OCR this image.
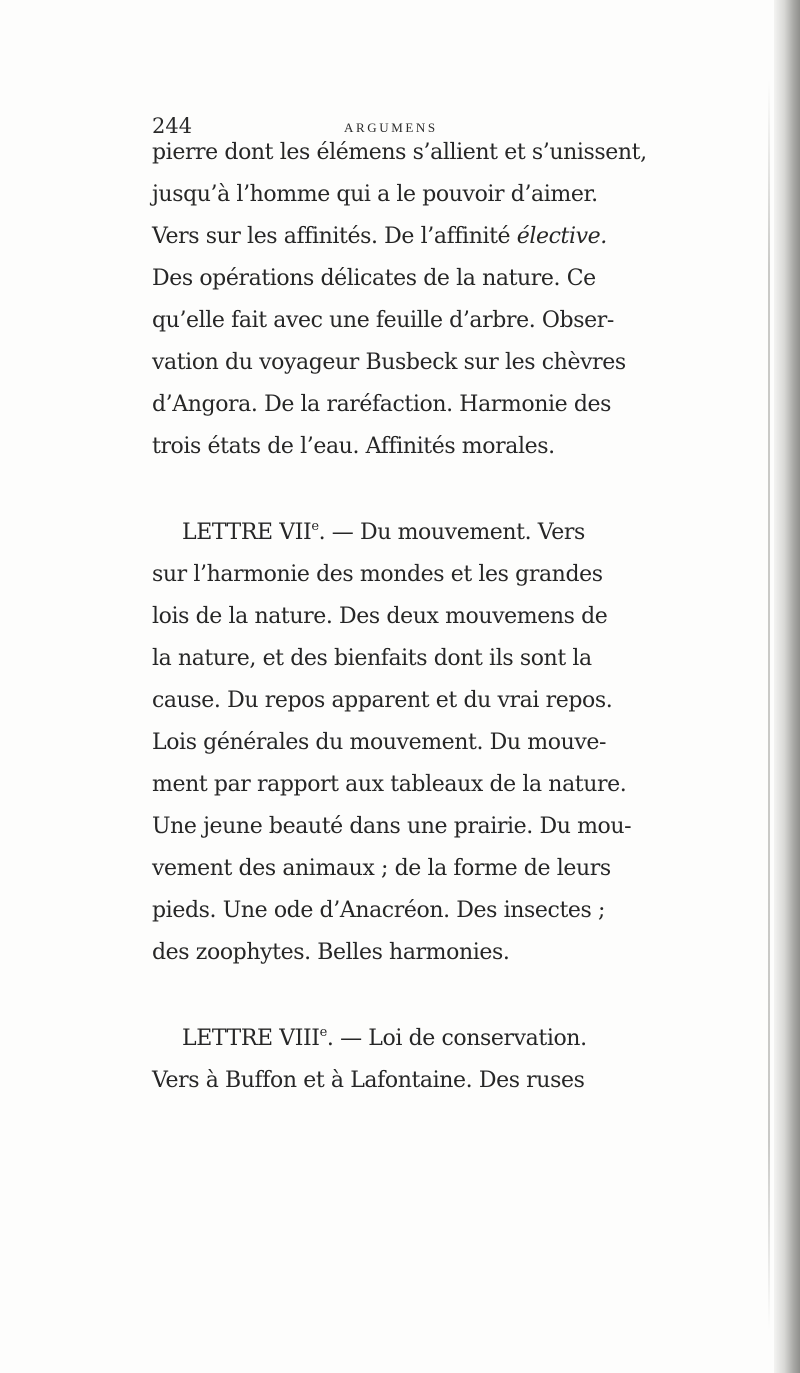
244	ARGUMENS
pierre dont les élémens s’allient et s’unissent,
jusqu’à l’homme qui a le pouvoir d’aimer.
Vers sur les affinités. De l’affinité élective.
Des opérations délicates de la nature. Ce
qu’elle fait avec une feuille d’arbre. Obser-
vation du voyageur Busbeck sur les chèvres
d’Angora. De la raréfaction. Harmonie des
trois états de l’eau. Affinités morales.
LETTRE VIIe. — Du mouvement. Vers
sur l’harmonie des mondes et les grandes
lois de la nature. Des deux mouvemens de
la nature, et des bienfaits dont ils sont la
cause. Du repos apparent et du vrai repos.
Lois générales du mouvement. Du mouve-
ment par rapport aux tableaux de la nature.
Une jeune beauté dans une prairie. Du mou-
vement des animaux ; de la forme de leurs
pieds. Une ode d’Anacréon. Des insectes ;
des zoophytes. Belles harmonies.
LETTRE VIIIe. — Loi de conservation.
Vers à Buffon et à Lafontaine. Des ruses
